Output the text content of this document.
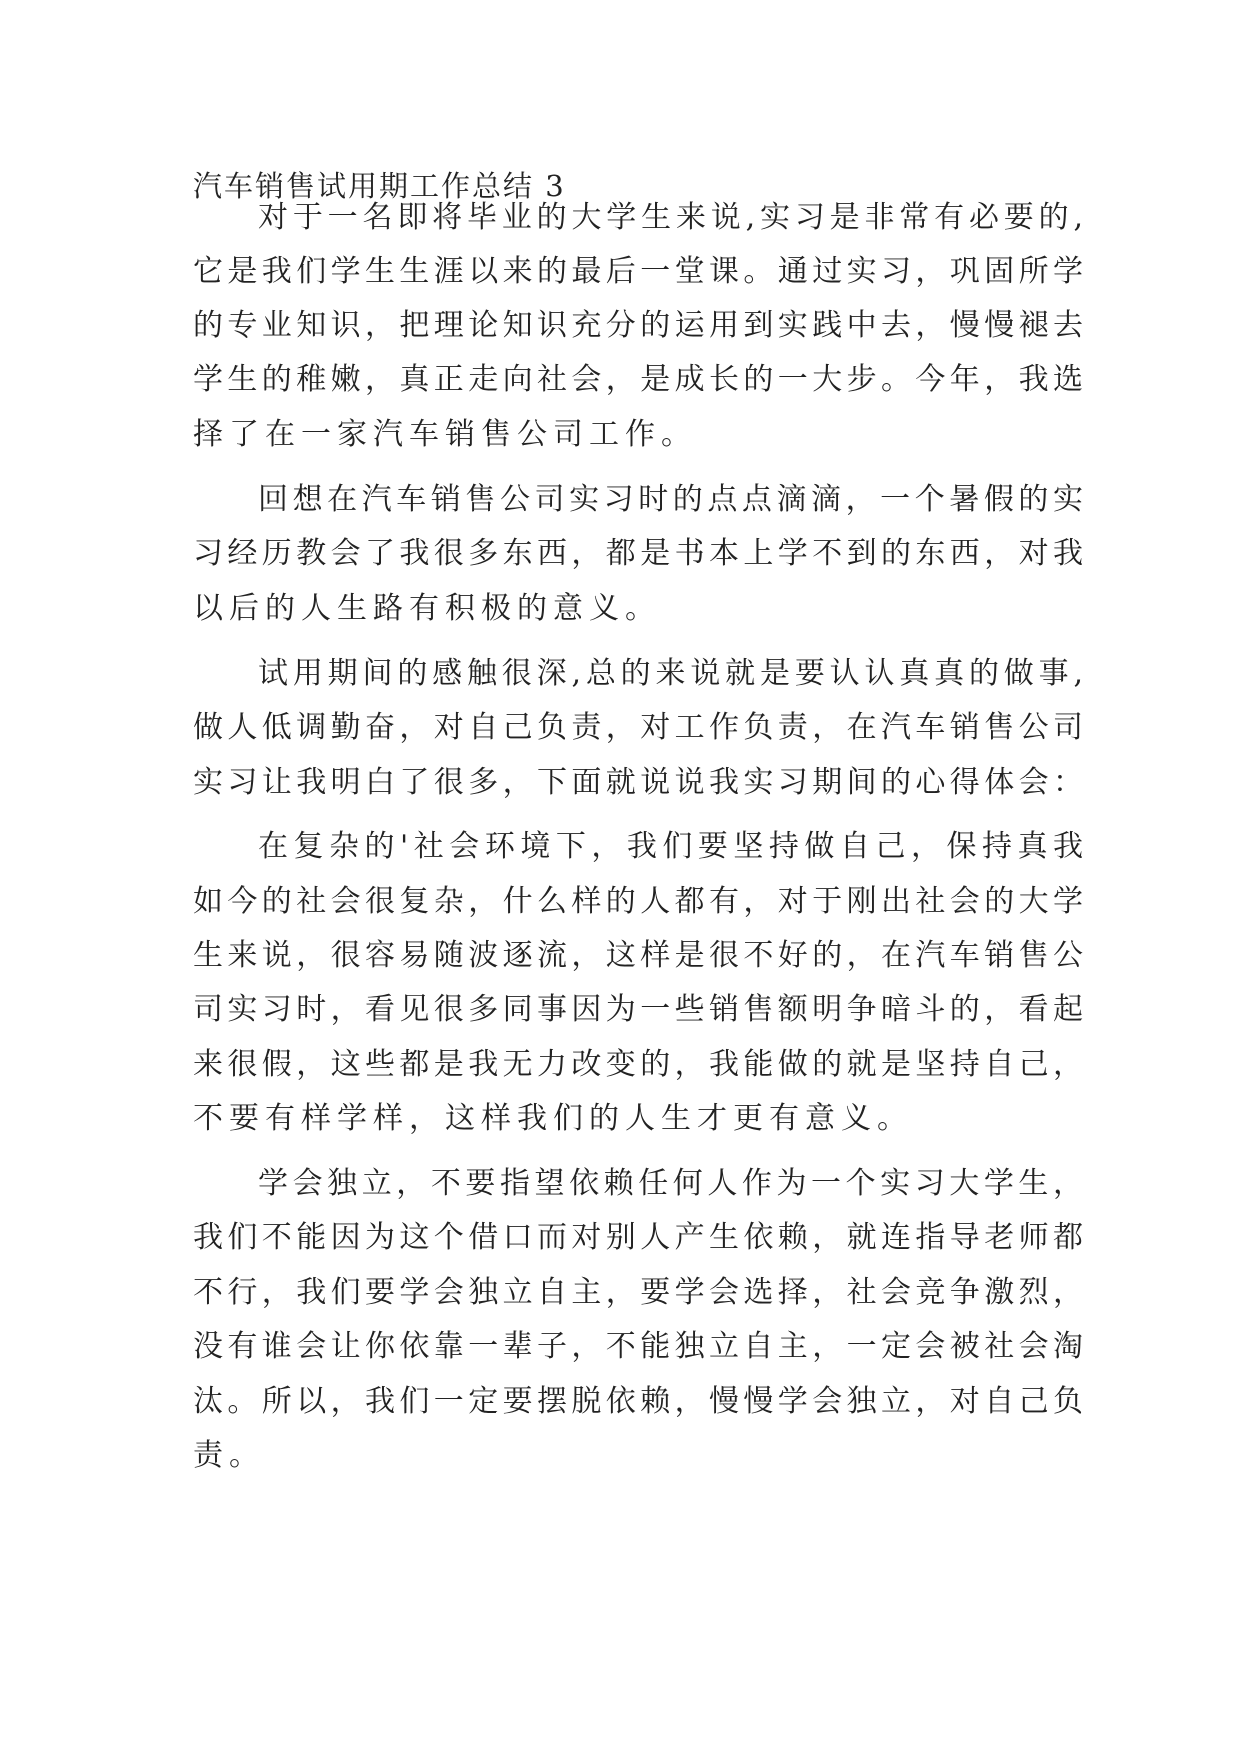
汽车销售试用期工作总结 3
对于一名即将毕业的大学生来说,实习是非常有必要的,
它是我们学生生涯以来的最后一堂课。通过实习，巩固所学
的专业知识，把理论知识充分的运用到实践中去，慢慢褪去
学生的稚嫩，真正走向社会，是成长的一大步。今年，我选
择了在一家汽车销售公司工作。
回想在汽车销售公司实习时的点点滴滴，一个暑假的实
习经历教会了我很多东西，都是书本上学不到的东西，对我
以后的人生路有积极的意义。
试用期间的感触很深,总的来说就是要认认真真的做事,
做人低调勤奋，对自己负责，对工作负责，在汽车销售公司
实习让我明白了很多，下面就说说我实习期间的心得体会：
在复杂的'社会环境下，我们要坚持做自己，保持真我
如今的社会很复杂，什么样的人都有，对于刚出社会的大学
生来说，很容易随波逐流，这样是很不好的，在汽车销售公
司实习时，看见很多同事因为一些销售额明争暗斗的，看起
来很假，这些都是我无力改变的，我能做的就是坚持自己，
不要有样学样，这样我们的人生才更有意义。
学会独立，不要指望依赖任何人作为一个实习大学生，
我们不能因为这个借口而对别人产生依赖，就连指导老师都
不行，我们要学会独立自主，要学会选择，社会竞争激烈，
没有谁会让你依靠一辈子，不能独立自主，一定会被社会淘
汰。所以，我们一定要摆脱依赖，慢慢学会独立，对自己负
责。
